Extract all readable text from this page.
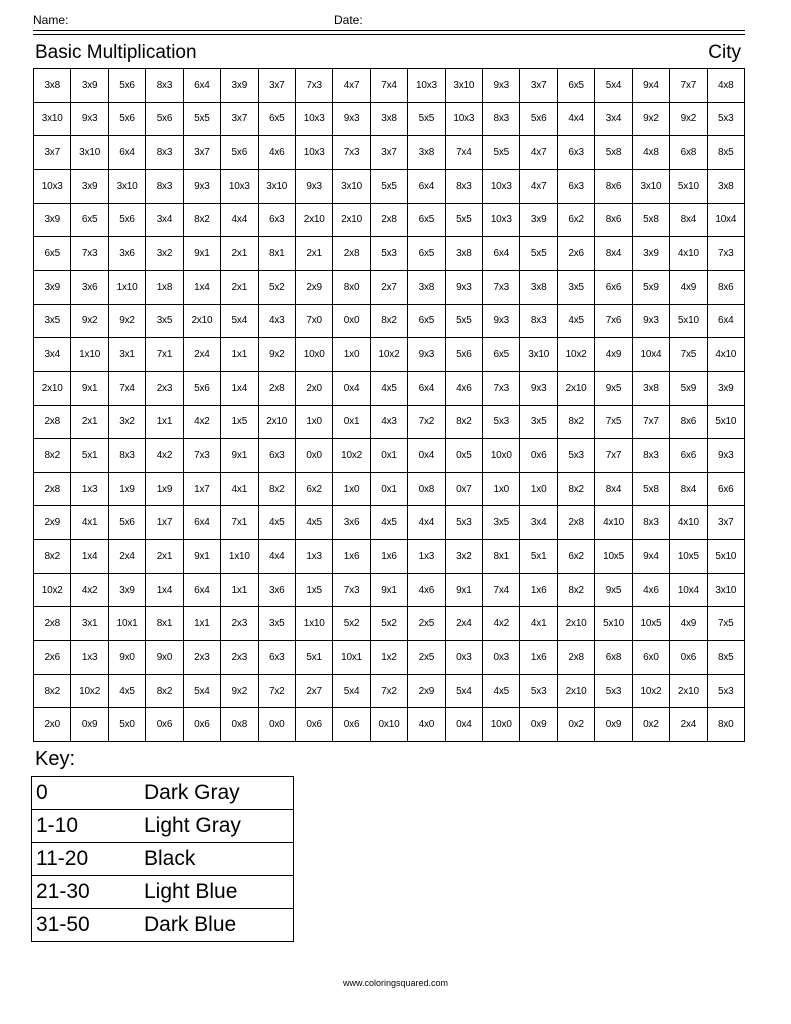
Name:	Date:
Basic Multiplication	City
3x8	3x9	5x6	8x3	6x4	3x9	3x7	7x3	4x7	7x4	10x3	3x10	9x3	3x7	6x5	5x4	9x4	7x7	4x8
3x10	9x3	5x6	5x6	5x5	3x7	6x5	10x3	9x3	3x8	5x5	10x3	8x3	5x6	4x4	3x4	9x2	9x2	5x3
3x7	3x10	6x4	8x3	3x7	5x6	4x6	10x3	7x3	3x7	3x8	7x4	5x5	4x7	6x3	5x8	4x8	6x8	8x5
10x3	3x9	3x10	8x3	9x3	10x3	3x10	9x3	3x10	5x5	6x4	8x3	10x3	4x7	6x3	8x6	3x10	5x10	3x8
3x9	6x5	5x6	3x4	8x2	4x4	6x3	2x10	2x10	2x8	6x5	5x5	10x3	3x9	6x2	8x6	5x8	8x4	10x4
6x5	7x3	3x6	3x2	9x1	2x1	8x1	2x1	2x8	5x3	6x5	3x8	6x4	5x5	2x6	8x4	3x9	4x10	7x3
3x9	3x6	1x10	1x8	1x4	2x1	5x2	2x9	8x0	2x7	3x8	9x3	7x3	3x8	3x5	6x6	5x9	4x9	8x6
3x5	9x2	9x2	3x5	2x10	5x4	4x3	7x0	0x0	8x2	6x5	5x5	9x3	8x3	4x5	7x6	9x3	5x10	6x4
3x4	1x10	3x1	7x1	2x4	1x1	9x2	10x0	1x0	10x2	9x3	5x6	6x5	3x10	10x2	4x9	10x4	7x5	4x10
2x10	9x1	7x4	2x3	5x6	1x4	2x8	2x0	0x4	4x5	6x4	4x6	7x3	9x3	2x10	9x5	3x8	5x9	3x9
2x8	2x1	3x2	1x1	4x2	1x5	2x10	1x0	0x1	4x3	7x2	8x2	5x3	3x5	8x2	7x5	7x7	8x6	5x10
8x2	5x1	8x3	4x2	7x3	9x1	6x3	0x0	10x2	0x1	0x4	0x5	10x0	0x6	5x3	7x7	8x3	6x6	9x3
2x8	1x3	1x9	1x9	1x7	4x1	8x2	6x2	1x0	0x1	0x8	0x7	1x0	1x0	8x2	8x4	5x8	8x4	6x6
2x9	4x1	5x6	1x7	6x4	7x1	4x5	4x5	3x6	4x5	4x4	5x3	3x5	3x4	2x8	4x10	8x3	4x10	3x7
8x2	1x4	2x4	2x1	9x1	1x10	4x4	1x3	1x6	1x6	1x3	3x2	8x1	5x1	6x2	10x5	9x4	10x5	5x10
10x2	4x2	3x9	1x4	6x4	1x1	3x6	1x5	7x3	9x1	4x6	9x1	7x4	1x6	8x2	9x5	4x6	10x4	3x10
2x8	3x1	10x1	8x1	1x1	2x3	3x5	1x10	5x2	5x2	2x5	2x4	4x2	4x1	2x10	5x10	10x5	4x9	7x5
2x6	1x3	9x0	9x0	2x3	2x3	6x3	5x1	10x1	1x2	2x5	0x3	0x3	1x6	2x8	6x8	6x0	0x6	8x5
8x2	10x2	4x5	8x2	5x4	9x2	7x2	2x7	5x4	7x2	2x9	5x4	4x5	5x3	2x10	5x3	10x2	2x10	5x3
2x0	0x9	5x0	0x6	0x6	0x8	0x0	0x6	0x6	0x10	4x0	0x4	10x0	0x9	0x2	0x9	0x2	2x4	8x0
Key:
0	Dark Gray
1-10	Light Gray
11-20	Black
21-30	Light Blue
31-50	Dark Blue
www.coloringsquared.com
